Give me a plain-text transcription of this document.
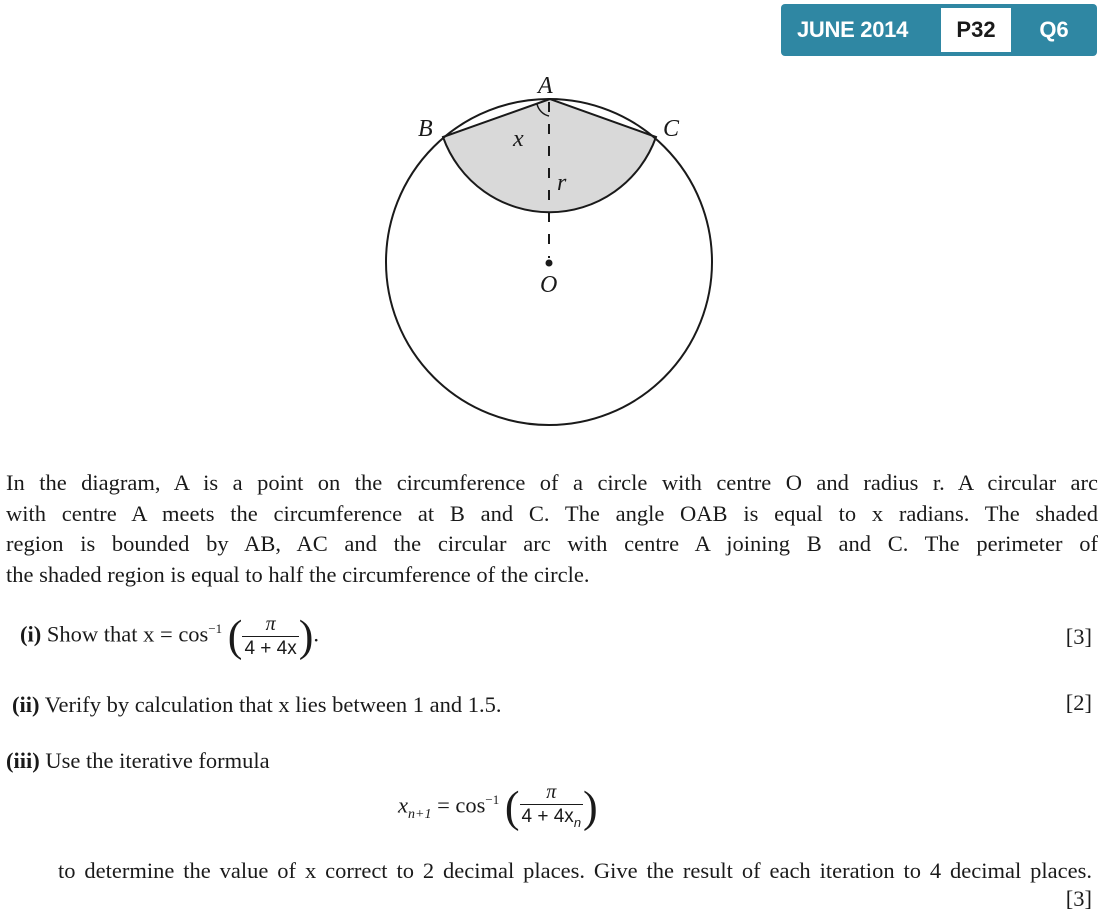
JUNE 2014	P32	Q6
A
B	C
O
x
r
In the diagram, A is a point on the circumference of a circle with centre O and radius r. A circular arc
with centre A meets the circumference at B and C. The angle OAB is equal to x radians. The shaded
region is bounded by AB, AC and the circular arc with centre A joining B and C. The perimeter of
the shaded region is equal to half the circumference of the circle.
(i) Show that $x = \cos^{-1}$ ( $\frac{\pi}{4 + 4x}$ ).	[3]
(ii) Verify by calculation that x lies between 1 and 1.5.	[2]
(iii) Use the iterative formula
$x_{n+1} = \cos^{-1}$ ( $\frac{\pi}{4 + 4x_n}$ )
to determine the value of x correct to 2 decimal places. Give the result of each iteration to 4 decimal places.
[3]
